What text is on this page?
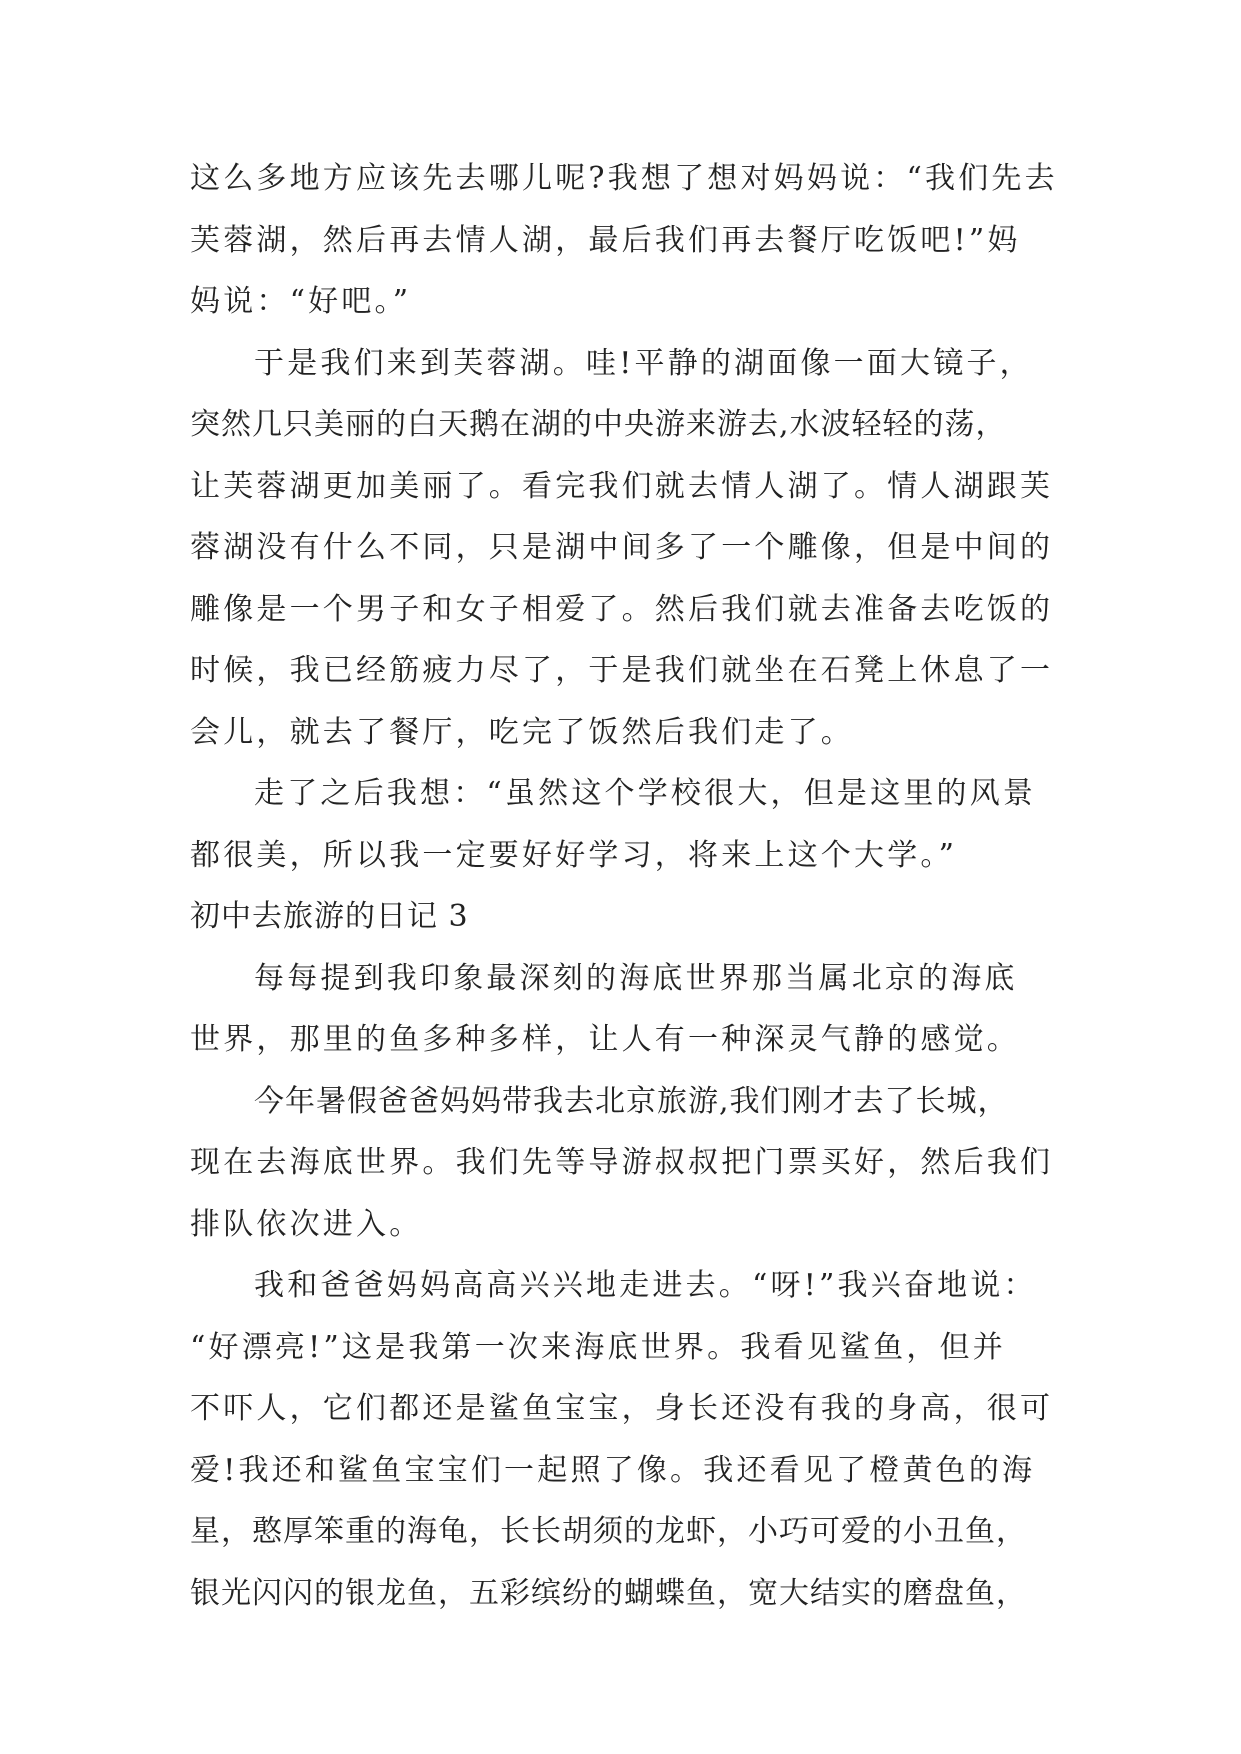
这么多地方应该先去哪儿呢?我想了想对妈妈说：“我们先去
芙蓉湖，然后再去情人湖，最后我们再去餐厅吃饭吧!”妈
妈说：“好吧。”
于是我们来到芙蓉湖。哇!平静的湖面像一面大镜子，
突然几只美丽的白天鹅在湖的中央游来游去,水波轻轻的荡，
让芙蓉湖更加美丽了。看完我们就去情人湖了。情人湖跟芙
蓉湖没有什么不同，只是湖中间多了一个雕像，但是中间的
雕像是一个男子和女子相爱了。然后我们就去准备去吃饭的
时候，我已经筋疲力尽了，于是我们就坐在石凳上休息了一
会儿，就去了餐厅，吃完了饭然后我们走了。
走了之后我想：“虽然这个学校很大，但是这里的风景
都很美，所以我一定要好好学习，将来上这个大学。”
初中去旅游的日记 3
每每提到我印象最深刻的海底世界那当属北京的海底
世界，那里的鱼多种多样，让人有一种深灵气静的感觉。
今年暑假爸爸妈妈带我去北京旅游,我们刚才去了长城，
现在去海底世界。我们先等导游叔叔把门票买好，然后我们
排队依次进入。
我和爸爸妈妈高高兴兴地走进去。“呀!”我兴奋地说：
“好漂亮!”这是我第一次来海底世界。我看见鲨鱼，但并
不吓人，它们都还是鲨鱼宝宝，身长还没有我的身高，很可
爱!我还和鲨鱼宝宝们一起照了像。我还看见了橙黄色的海
星，憨厚笨重的海龟，长长胡须的龙虾，小巧可爱的小丑鱼，
银光闪闪的银龙鱼，五彩缤纷的蝴蝶鱼，宽大结实的磨盘鱼，
